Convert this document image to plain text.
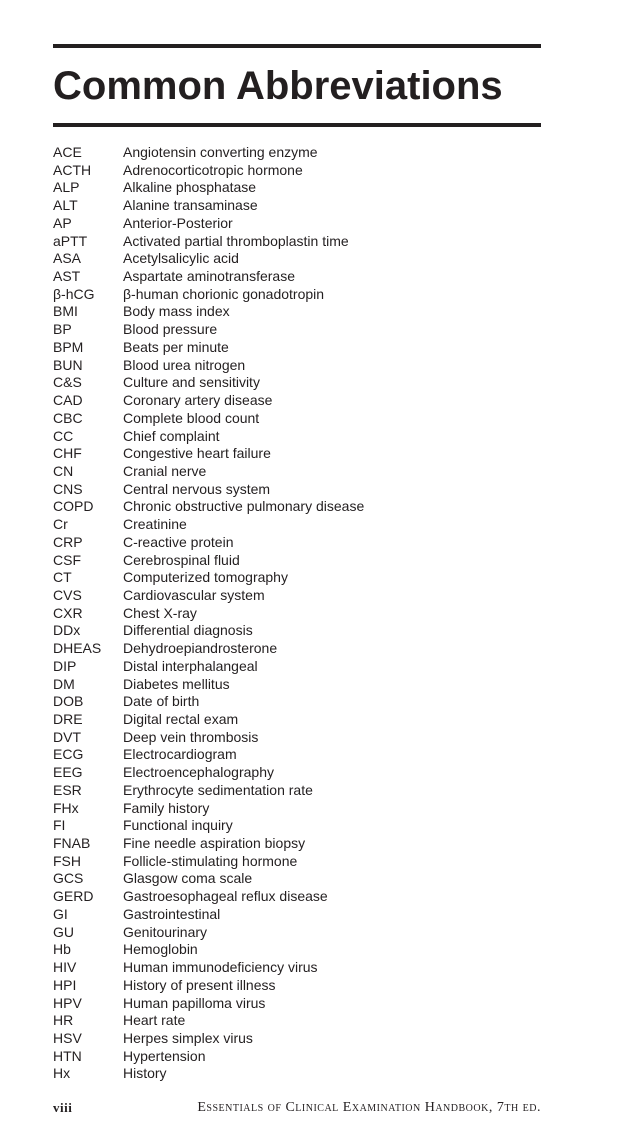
Common Abbreviations
ACE	Angiotensin converting enzyme
ACTH	Adrenocorticotropic hormone
ALP	Alkaline phosphatase
ALT	Alanine transaminase
AP	Anterior-Posterior
aPTT	Activated partial thromboplastin time
ASA	Acetylsalicylic acid
AST	Aspartate aminotransferase
β-hCG	β-human chorionic gonadotropin
BMI	Body mass index
BP	Blood pressure
BPM	Beats per minute
BUN	Blood urea nitrogen
C&S	Culture and sensitivity
CAD	Coronary artery disease
CBC	Complete blood count
CC	Chief complaint
CHF	Congestive heart failure
CN	Cranial nerve
CNS	Central nervous system
COPD	Chronic obstructive pulmonary disease
Cr	Creatinine
CRP	C-reactive protein
CSF	Cerebrospinal fluid
CT	Computerized tomography
CVS	Cardiovascular system
CXR	Chest X-ray
DDx	Differential diagnosis
DHEAS	Dehydroepiandrosterone
DIP	Distal interphalangeal
DM	Diabetes mellitus
DOB	Date of birth
DRE	Digital rectal exam
DVT	Deep vein thrombosis
ECG	Electrocardiogram
EEG	Electroencephalography
ESR	Erythrocyte sedimentation rate
FHx	Family history
FI	Functional inquiry
FNAB	Fine needle aspiration biopsy
FSH	Follicle-stimulating hormone
GCS	Glasgow coma scale
GERD	Gastroesophageal reflux disease
GI	Gastrointestinal
GU	Genitourinary
Hb	Hemoglobin
HIV	Human immunodeficiency virus
HPI	History of present illness
HPV	Human papilloma virus
HR	Heart rate
HSV	Herpes simplex virus
HTN	Hypertension
Hx	History
viii	Essentials of Clinical Examination Handbook, 7th ed.
